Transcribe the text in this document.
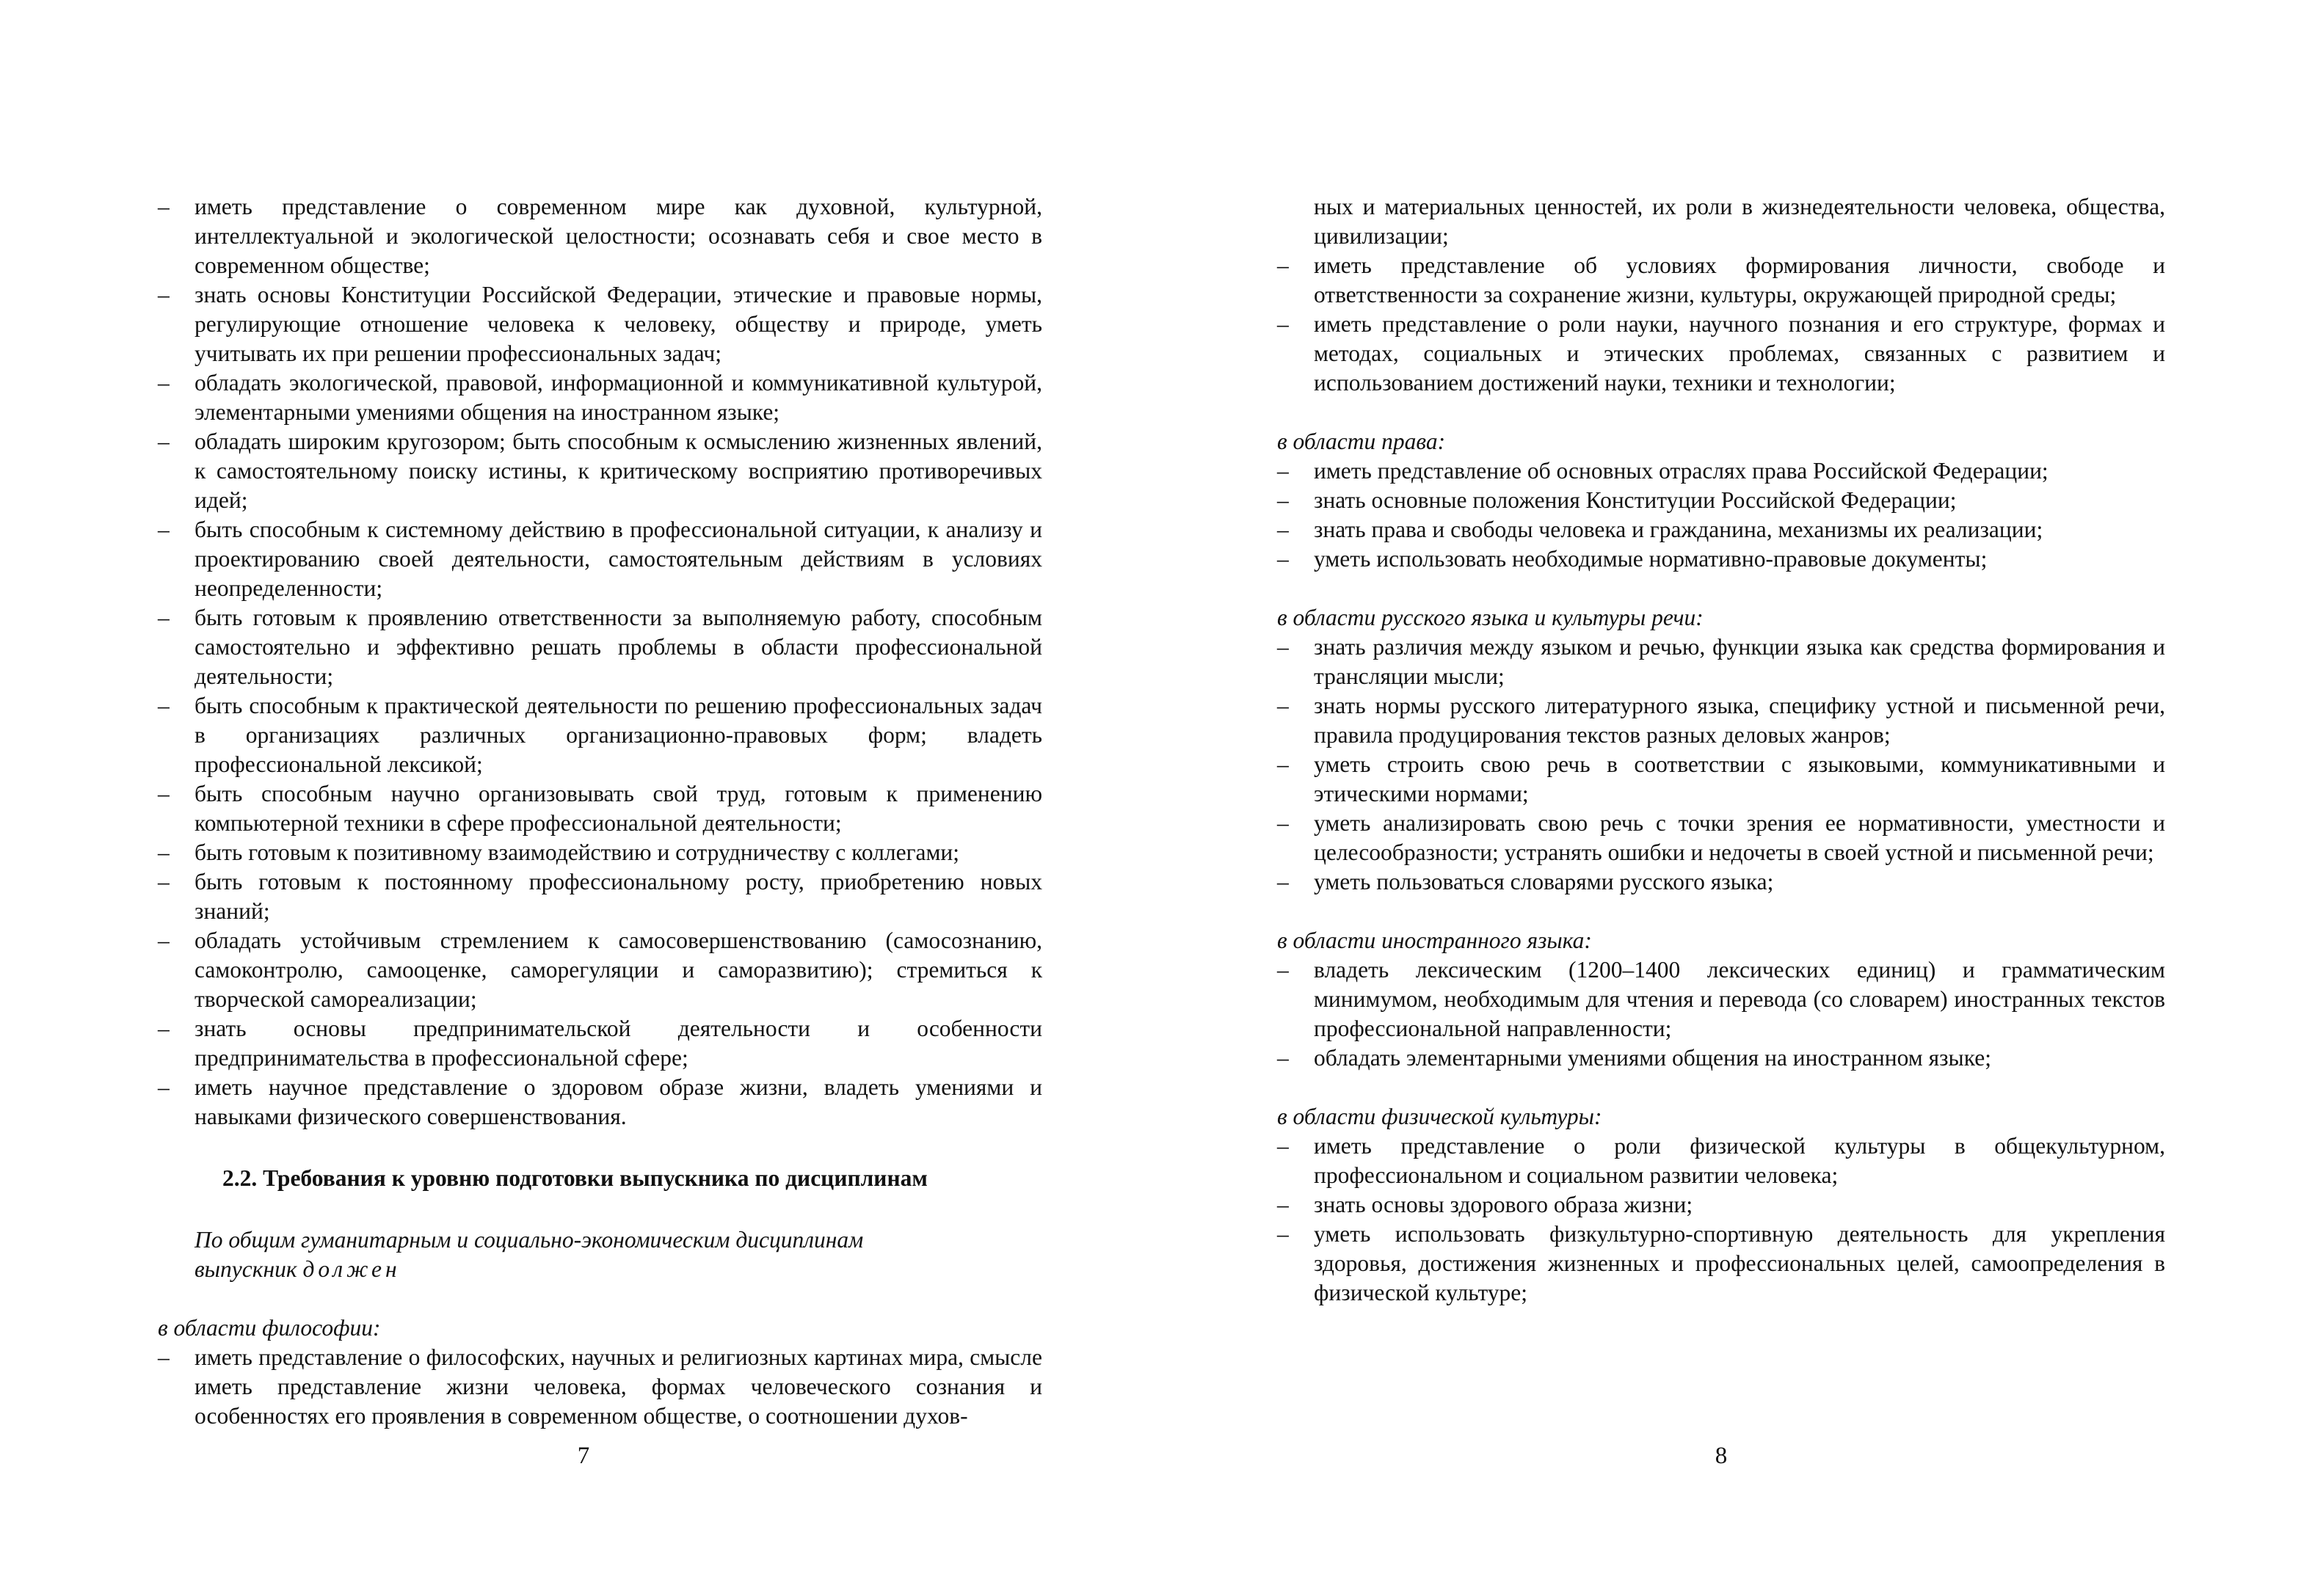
– иметь представление о современном мире как духовной, культурной, интеллектуальной и экологической целостности; осознавать себя и свое место в современном обществе;
– знать основы Конституции Российской Федерации, этические и правовые нормы, регулирующие отношение человека к человеку, обществу и природе, уметь учитывать их при решении профессиональных задач;
– обладать экологической, правовой, информационной и коммуникативной культурой, элементарными умениями общения на иностранном языке;
– обладать широким кругозором; быть способным к осмыслению жизненных явлений, к самостоятельному поиску истины, к критическому восприятию противоречивых идей;
– быть способным к системному действию в профессиональной ситуации, к анализу и проектированию своей деятельности, самостоятельным действиям в условиях неопределенности;
– быть готовым к проявлению ответственности за выполняемую работу, способным самостоятельно и эффективно решать проблемы в области профессиональной деятельности;
– быть способным к практической деятельности по решению профессиональных задач в организациях различных организационно-правовых форм; владеть профессиональной лексикой;
– быть способным научно организовывать свой труд, готовым к применению компьютерной техники в сфере профессиональной деятельности;
– быть готовым к позитивному взаимодействию и сотрудничеству с коллегами;
– быть готовым к постоянному профессиональному росту, приобретению новых знаний;
– обладать устойчивым стремлением к самосовершенствованию (самосознанию, самоконтролю, самооценке, саморегуляции и саморазвитию); стремиться к творческой самореализации;
– знать основы предпринимательской деятельности и особенности предпринимательства в профессиональной сфере;
– иметь научное представление о здоровом образе жизни, владеть умениями и навыками физического совершенствования.
2.2. Требования к уровню подготовки выпускника по дисциплинам
По общим гуманитарным и социально-экономическим дисциплинам
выпускник должен
в области философии:
– иметь представление о философских, научных и религиозных картинах мира, смысле иметь представление жизни человека, формах человеческого сознания и особенностях его проявления в современном обществе, о соотношении духов-
7
ных и материальных ценностей, их роли в жизнедеятельности человека, общества, цивилизации;
– иметь представление об условиях формирования личности, свободе и ответственности за сохранение жизни, культуры, окружающей природной среды;
– иметь представление о роли науки, научного познания и его структуре, формах и методах, социальных и этических проблемах, связанных с развитием и использованием достижений науки, техники и технологии;
в области права:
– иметь представление об основных отраслях права Российской Федерации;
– знать основные положения Конституции Российской Федерации;
– знать права и свободы человека и гражданина, механизмы их реализации;
– уметь использовать необходимые нормативно-правовые документы;
в области русского языка и культуры речи:
– знать различия между языком и речью, функции языка как средства формирования и трансляции мысли;
– знать нормы русского литературного языка, специфику устной и письменной речи, правила продуцирования текстов разных деловых жанров;
– уметь строить свою речь в соответствии с языковыми, коммуникативными и этическими нормами;
– уметь анализировать свою речь с точки зрения ее нормативности, уместности и целесообразности; устранять ошибки и недочеты в своей устной и письменной речи;
– уметь пользоваться словарями русского языка;
в области иностранного языка:
– владеть лексическим (1200–1400 лексических единиц) и грамматическим минимумом, необходимым для чтения и перевода (со словарем) иностранных текстов профессиональной направленности;
– обладать элементарными умениями общения на иностранном языке;
в области физической культуры:
– иметь представление о роли физической культуры в общекультурном, профессиональном и социальном развитии человека;
– знать основы здорового образа жизни;
– уметь использовать физкультурно-спортивную деятельность для укрепления здоровья, достижения жизненных и профессиональных целей, самоопределения в физической культуре;
8
